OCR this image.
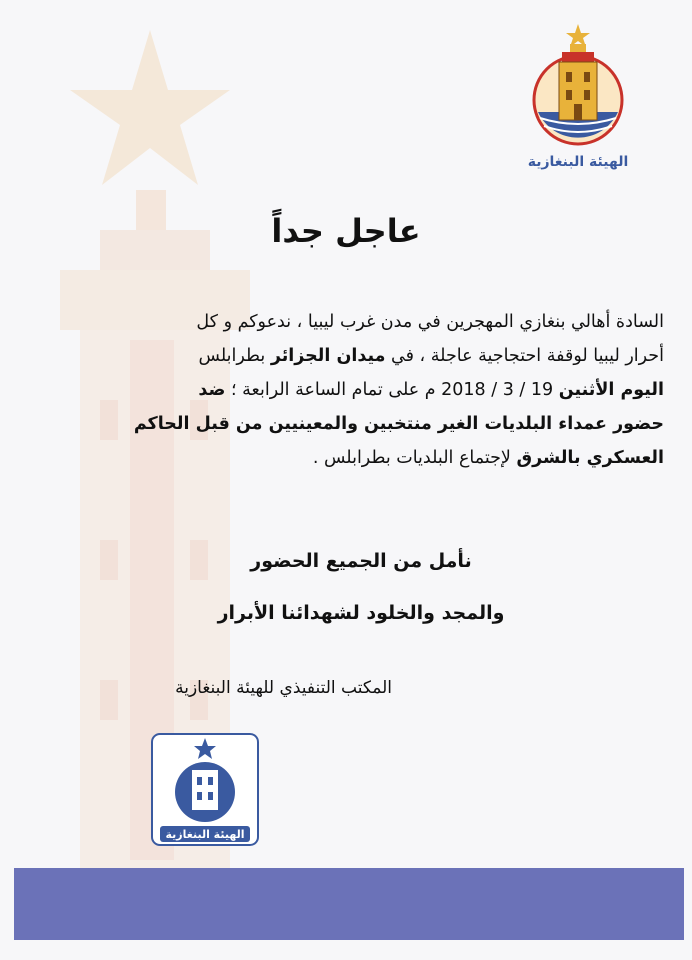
الهيئة البنغازية
عاجل جداً
السادة أهالي بنغازي المهجرين في مدن غرب ليبيا ، ندعوكم و كل
أحرار ليبيا لوقفة احتجاجية عاجلة ، في ميدان الجزائر بطرابلس
اليوم الأثنين 19 / 3 / 2018 م على تمام الساعة الرابعة ؛ ضد
حضور عمداء البلديات الغير منتخبين والمعينيين من قبل الحاكم
العسكري بالشرق لإجتماع البلديات بطرابلس .
نأمل من الجميع الحضور
والمجد والخلود لشهدائنا الأبرار
المكتب التنفيذي للهيئة البنغازية
الهيئة البنغازية
